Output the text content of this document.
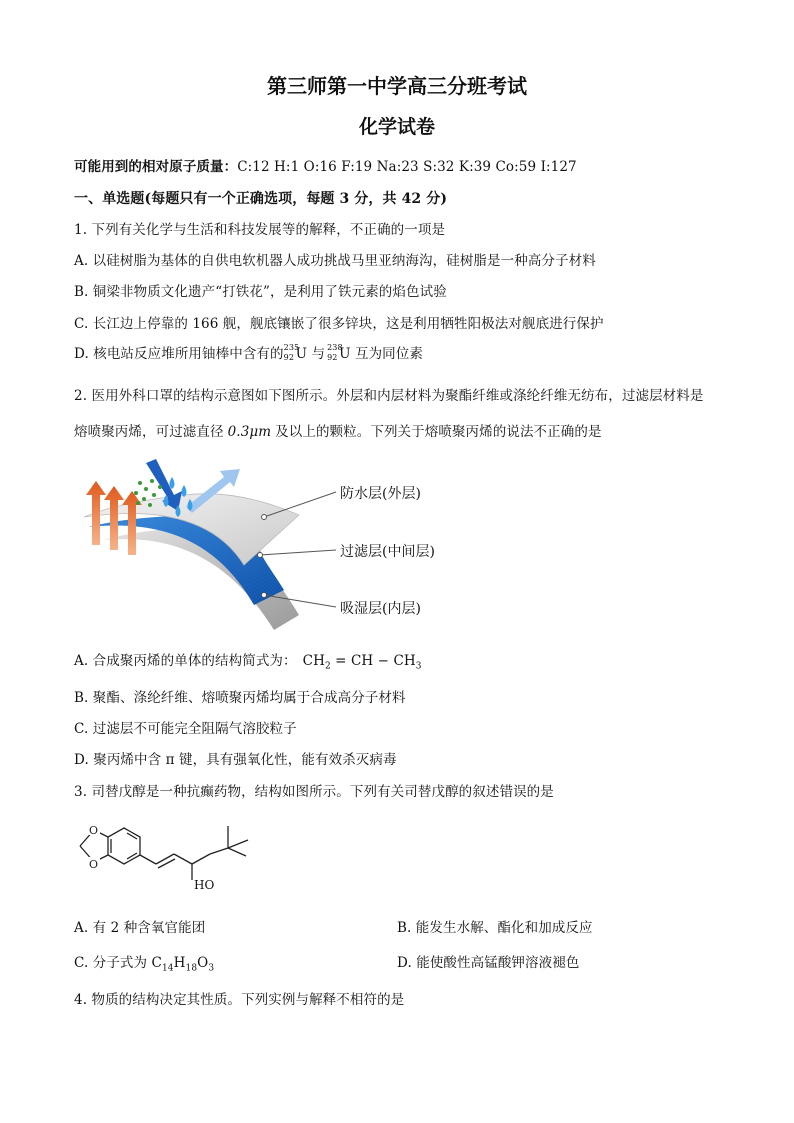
第三师第一中学高三分班考试
化学试卷
可能用到的相对原子质量：C:12 H:1 O:16 F:19 Na:23 S:32 K:39 Co:59 I:127
一、单选题(每题只有一个正确选项，每题 3 分，共 42 分)
1. 下列有关化学与生活和科技发展等的解释，不正确的一项是
A. 以硅树脂为基体的自供电软机器人成功挑战马里亚纳海沟，硅树脂是一种高分子材料
B. 铜梁非物质文化遗产“打铁花”，是利用了铁元素的焰色试验
C. 长江边上停靠的 166 舰，舰底镶嵌了很多锌块，这是利用牺牲阳极法对舰底进行保护
D. 核电站反应堆所用铀棒中含有的 235
92 U 与 238
92 U 互为同位素
2. 医用外科口罩的结构示意图如下图所示。外层和内层材料为聚酯纤维或涤纶纤维无纺布，过滤层材料是
熔喷聚丙烯，可过滤直径 0.3μm 及以上的颗粒。下列关于熔喷聚丙烯的说法不正确的是
防水层(外层)
过滤层(中间层)
吸湿层(内层)
A. 合成聚丙烯的单体的结构简式为： $CH_2$ = CH − $CH_3$
B. 聚酯、涤纶纤维、熔喷聚丙烯均属于合成高分子材料
C. 过滤层不可能完全阻隔气溶胶粒子
D. 聚丙烯中含 π 键，具有强氧化性，能有效杀灭病毒
3. 司替戊醇是一种抗癫药物，结构如图所示。下列有关司替戊醇的叙述错误的是
O
O
HO
A. 有 2 种含氧官能团	B. 能发生水解、酯化和加成反应
C. 分子式为 $C_{14}H_{18}O_3$	D. 能使酸性高锰酸钾溶液褪色
4. 物质的结构决定其性质。下列实例与解释不相符的是
